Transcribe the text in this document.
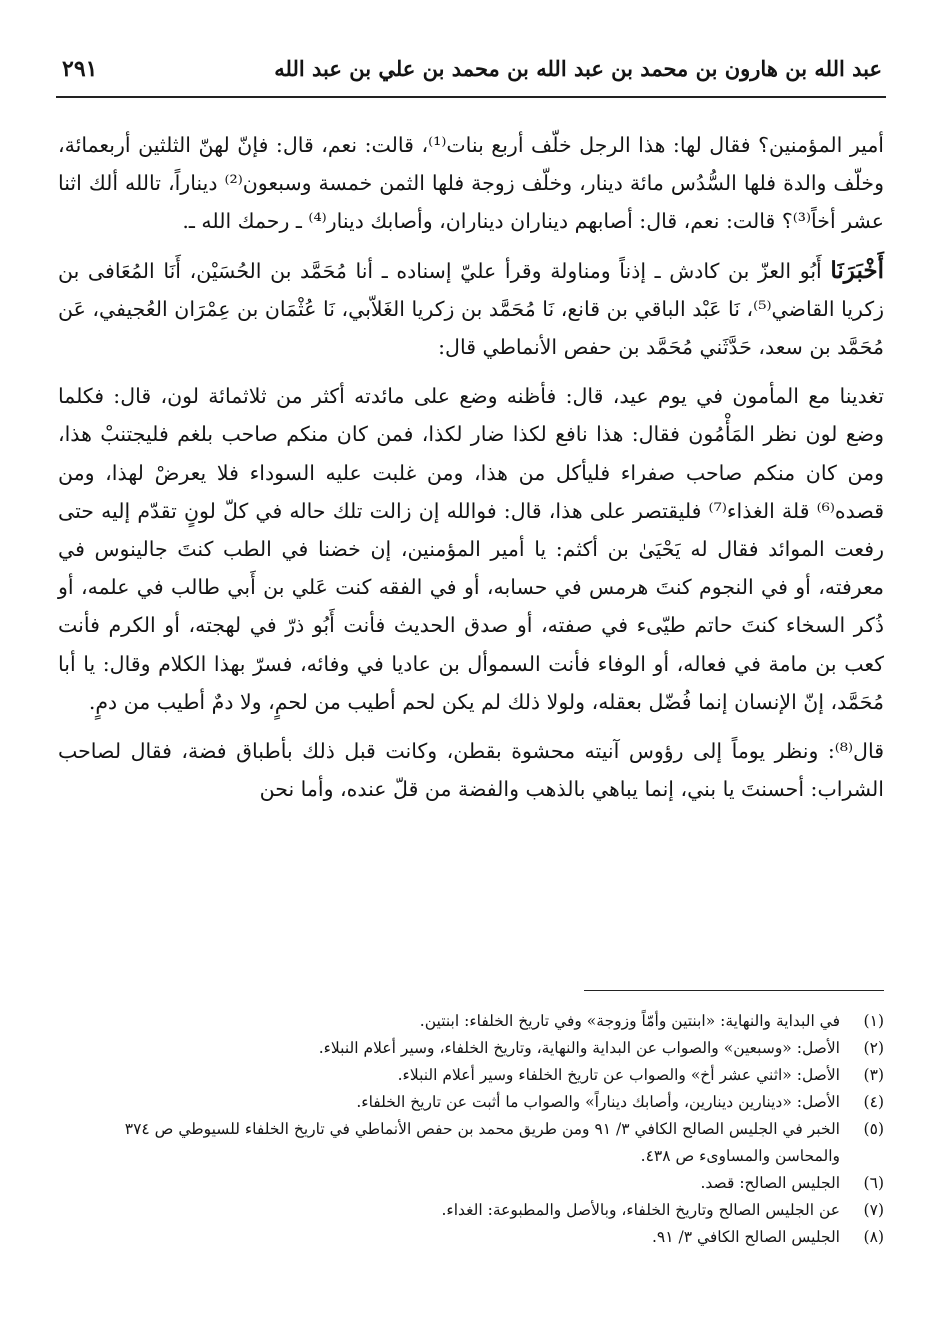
عبد الله بن هارون بن محمد بن عبد الله بن محمد بن علي بن عبد الله
٢٩١

أمير المؤمنين؟ فقال لها: هذا الرجل خلّف أربع بنات⁽¹⁾، قالت: نعم، قال: فإنّ لهنّ الثلثين أربعمائة، وخلّف والدة فلها السُّدُس مائة دينار، وخلّف زوجة فلها الثمن خمسة وسبعون⁽²⁾ ديناراً، تالله ألك اثنا عشر أخاً⁽³⁾؟ قالت: نعم، قال: أصابهم ديناران ديناران، وأصابك دينار⁽⁴⁾ ـ رحمك الله ـ.

أَخْبَرَنَا أَبُو العزّ بن كادش ـ إذناً ومناولة وقرأ عليّ إسناده ـ أنا مُحَمَّد بن الحُسَيْن، أَنَا المُعَافى بن زكريا القاضي⁽⁵⁾، نَا عَبْد الباقي بن قانع، نَا مُحَمَّد بن زكريا الغَلاّبي، نَا عُثْمَان بن عِمْرَان العُجيفي، عَن مُحَمَّد بن سعد، حَدَّثَني مُحَمَّد بن حفص الأنماطي قال:

تغدينا مع المأمون في يوم عيد، قال: فأظنه وضع على مائدته أكثر من ثلاثمائة لون، قال: فكلما وضع لون نظر المَأْمُون فقال: هذا نافع لكذا ضار لكذا، فمن كان منكم صاحب بلغم فليجتنبْ هذا، ومن كان منكم صاحب صفراء فليأكل من هذا، ومن غلبت عليه السوداء فلا يعرضْ لهذا، ومن قصده⁽⁶⁾ قلة الغذاء⁽⁷⁾ فليقتصر على هذا، قال: فوالله إن زالت تلك حاله في كلّ لونٍ تقدّم إليه حتى رفعت الموائد فقال له يَحْيَىٰ بن أكثم: يا أمير المؤمنين، إن خضنا في الطب كنتَ جالينوس في معرفته، أو في النجوم كنتَ هرمس في حسابه، أو في الفقه كنت عَلي بن أَبي طالب في علمه، أو ذُكر السخاء كنتَ حاتم طيّىء في صفته، أو صدق الحديث فأنت أَبُو ذرّ في لهجته، أو الكرم فأنت كعب بن مامة في فعاله، أو الوفاء فأنت السموأل بن عاديا في وفائه، فسرّ بهذا الكلام وقال: يا أبا مُحَمَّد، إنّ الإنسان إنما فُضّل بعقله، ولولا ذلك لم يكن لحم أطيب من لحمٍ، ولا دمٌ أطيب من دمٍ.

قال⁽⁸⁾: ونظر يوماً إلى رؤوس آنيته محشوة بقطن، وكانت قبل ذلك بأطباق فضة، فقال لصاحب الشراب: أحسنتَ يا بني، إنما يباهي بالذهب والفضة من قلّ عنده، وأما نحن

(١)
في البداية والنهاية: «ابنتين وأمّاً وزوجة» وفي تاريخ الخلفاء: ابنتين.
(٢)
الأصل: «وسبعين» والصواب عن البداية والنهاية، وتاريخ الخلفاء، وسير أعلام النبلاء.
(٣)
الأصل: «اثني عشر أخ» والصواب عن تاريخ الخلفاء وسير أعلام النبلاء.
(٤)
الأصل: «دينارين دينارين، وأصابك ديناراً» والصواب ما أثبت عن تاريخ الخلفاء.
(٥)
الخبر في الجليس الصالح الكافي ٣/ ٩١ ومن طريق محمد بن حفص الأنماطي في تاريخ الخلفاء للسيوطي ص ٣٧٤ والمحاسن والمساوىء ص ٤٣٨.
(٦)
الجليس الصالح: قصد.
(٧)
عن الجليس الصالح وتاريخ الخلفاء، وبالأصل والمطبوعة: الغداء.
(٨)
الجليس الصالح الكافي ٣/ ٩١.
